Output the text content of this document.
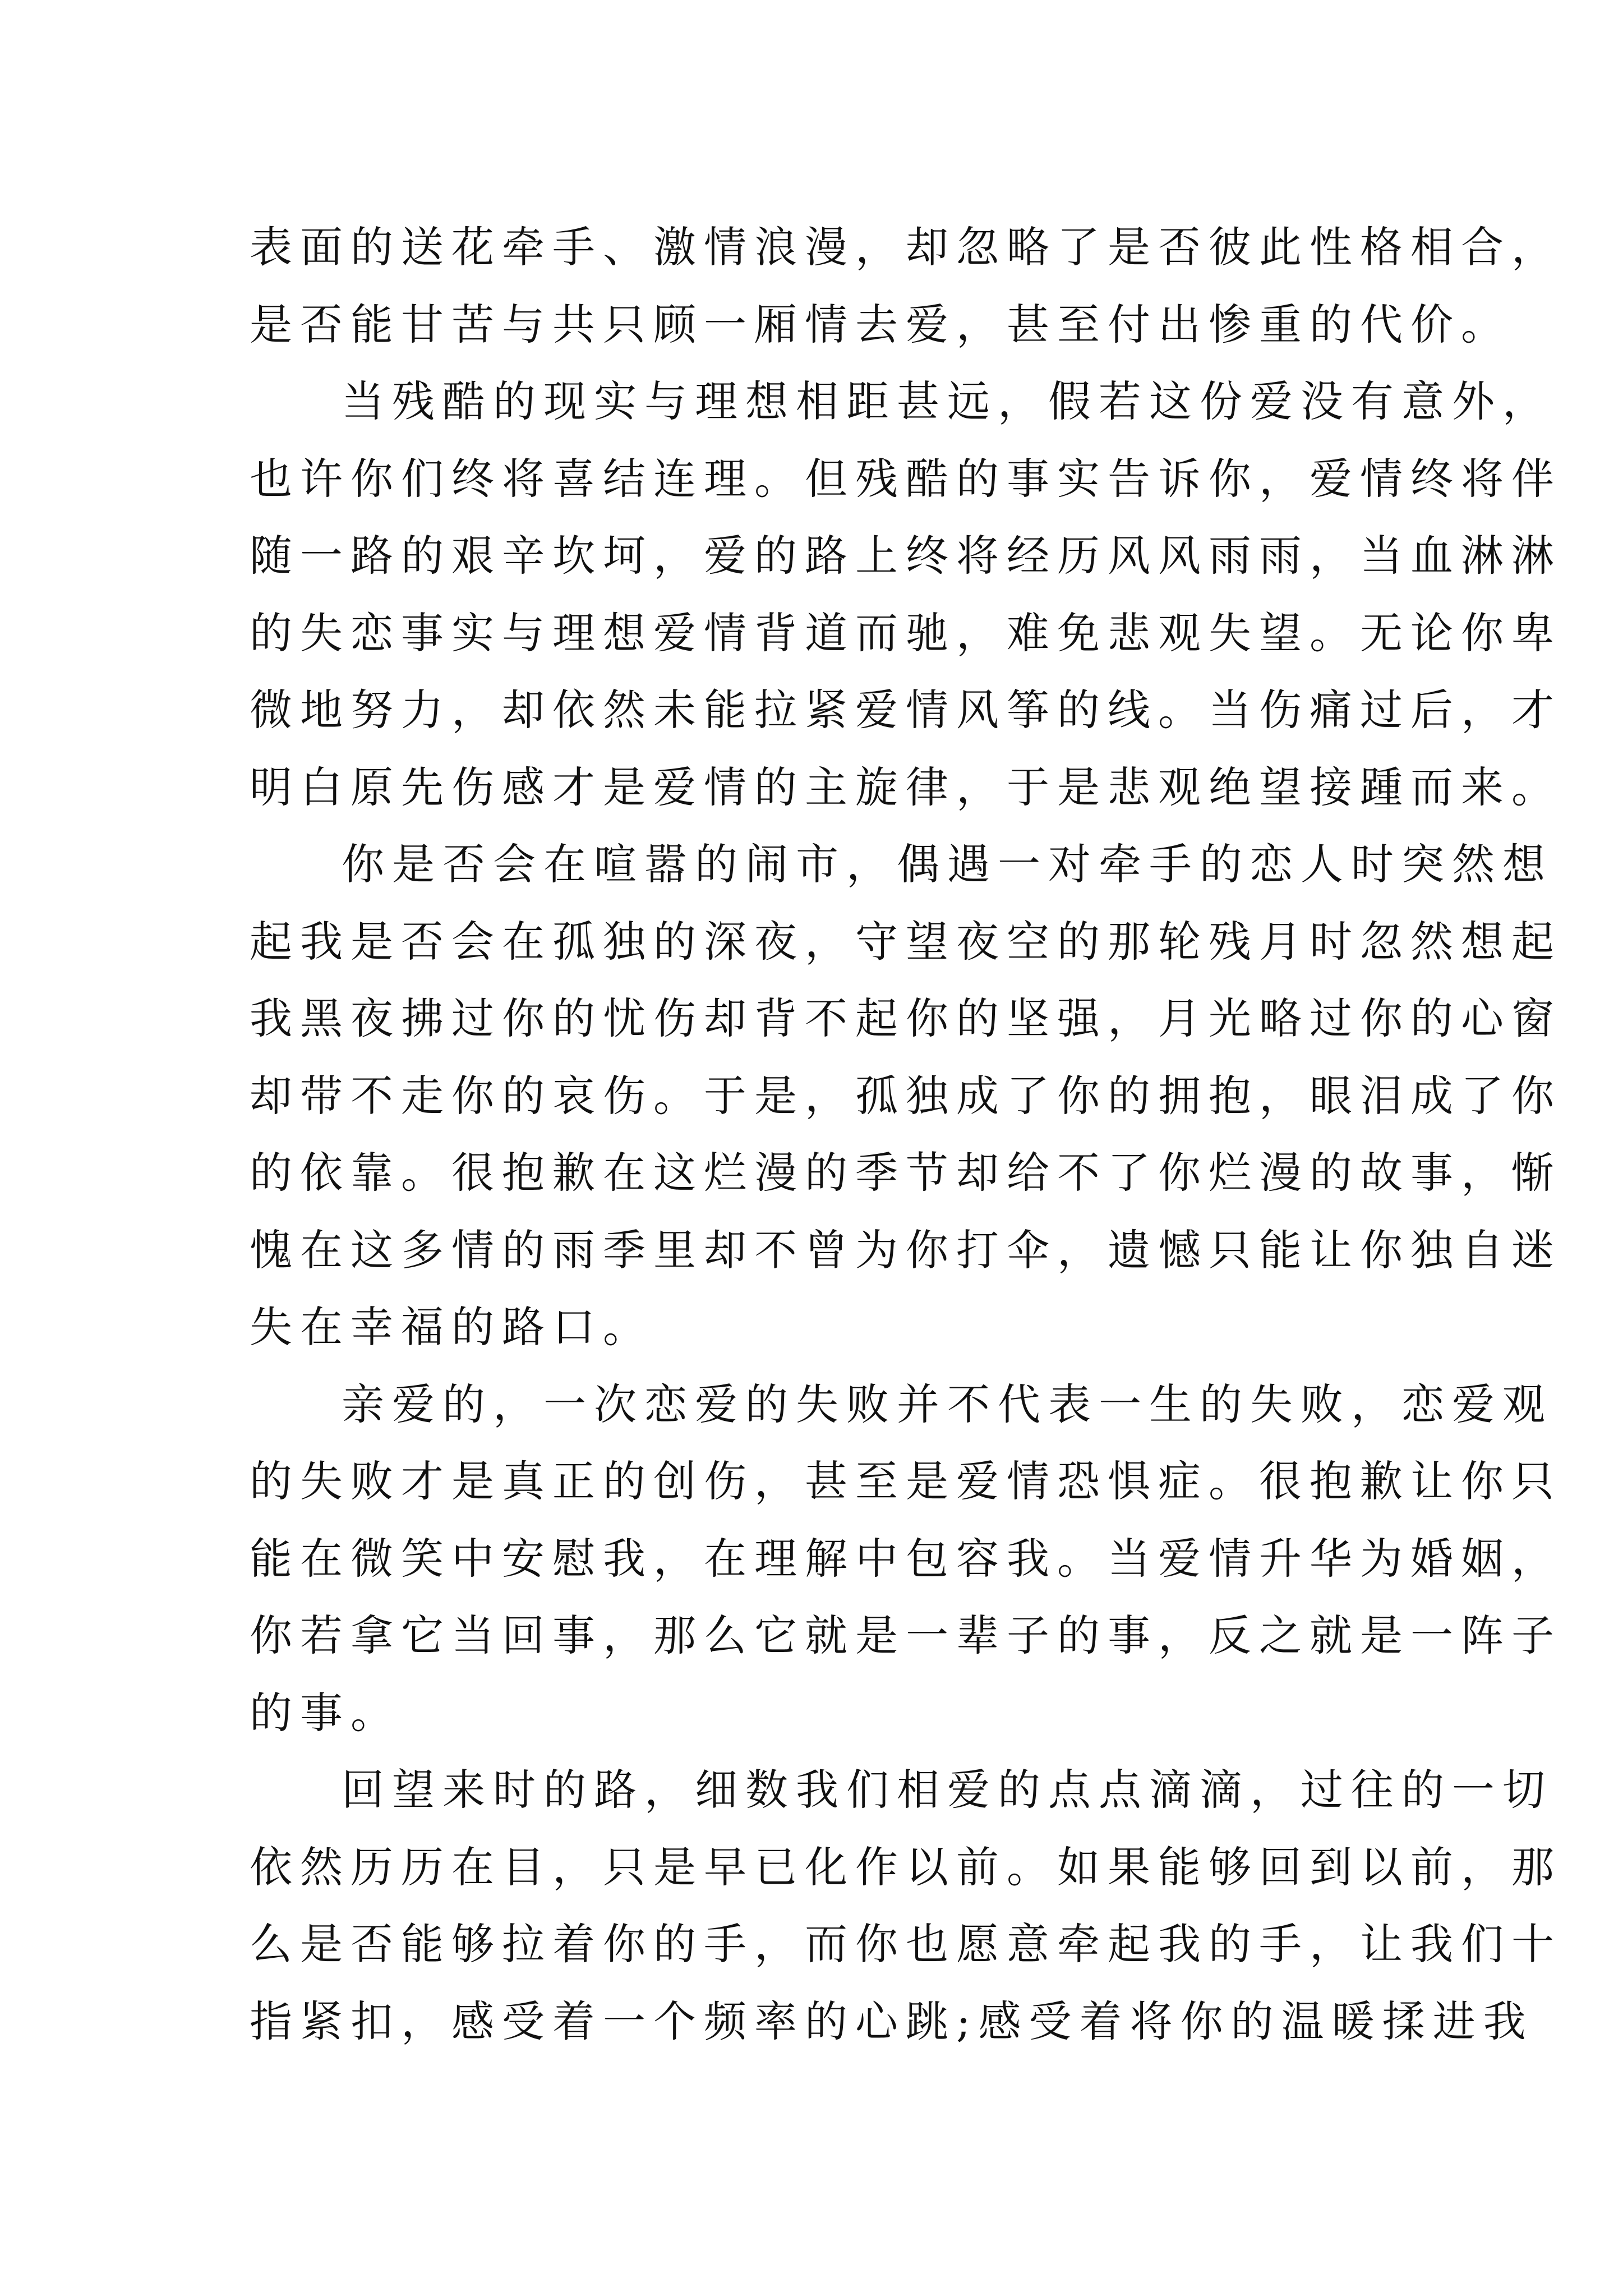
表面的送花牵手、激情浪漫，却忽略了是否彼此性格相合，
是否能甘苦与共只顾一厢情去爱，甚至付出惨重的代价。
当残酷的现实与理想相距甚远，假若这份爱没有意外，
也许你们终将喜结连理。但残酷的事实告诉你，爱情终将伴
随一路的艰辛坎坷，爱的路上终将经历风风雨雨，当血淋淋
的失恋事实与理想爱情背道而驰，难免悲观失望。无论你卑
微地努力，却依然未能拉紧爱情风筝的线。当伤痛过后，才
明白原先伤感才是爱情的主旋律，于是悲观绝望接踵而来。
你是否会在喧嚣的闹市，偶遇一对牵手的恋人时突然想
起我是否会在孤独的深夜，守望夜空的那轮残月时忽然想起
我黑夜拂过你的忧伤却背不起你的坚强，月光略过你的心窗
却带不走你的哀伤。于是，孤独成了你的拥抱，眼泪成了你
的依靠。很抱歉在这烂漫的季节却给不了你烂漫的故事，惭
愧在这多情的雨季里却不曾为你打伞，遗憾只能让你独自迷
失在幸福的路口。
亲爱的，一次恋爱的失败并不代表一生的失败，恋爱观
的失败才是真正的创伤，甚至是爱情恐惧症。很抱歉让你只
能在微笑中安慰我，在理解中包容我。当爱情升华为婚姻，
你若拿它当回事，那么它就是一辈子的事，反之就是一阵子
的事。
回望来时的路，细数我们相爱的点点滴滴，过往的一切
依然历历在目，只是早已化作以前。如果能够回到以前，那
么是否能够拉着你的手，而你也愿意牵起我的手，让我们十
指紧扣，感受着一个频率的心跳;感受着将你的温暖揉进我
